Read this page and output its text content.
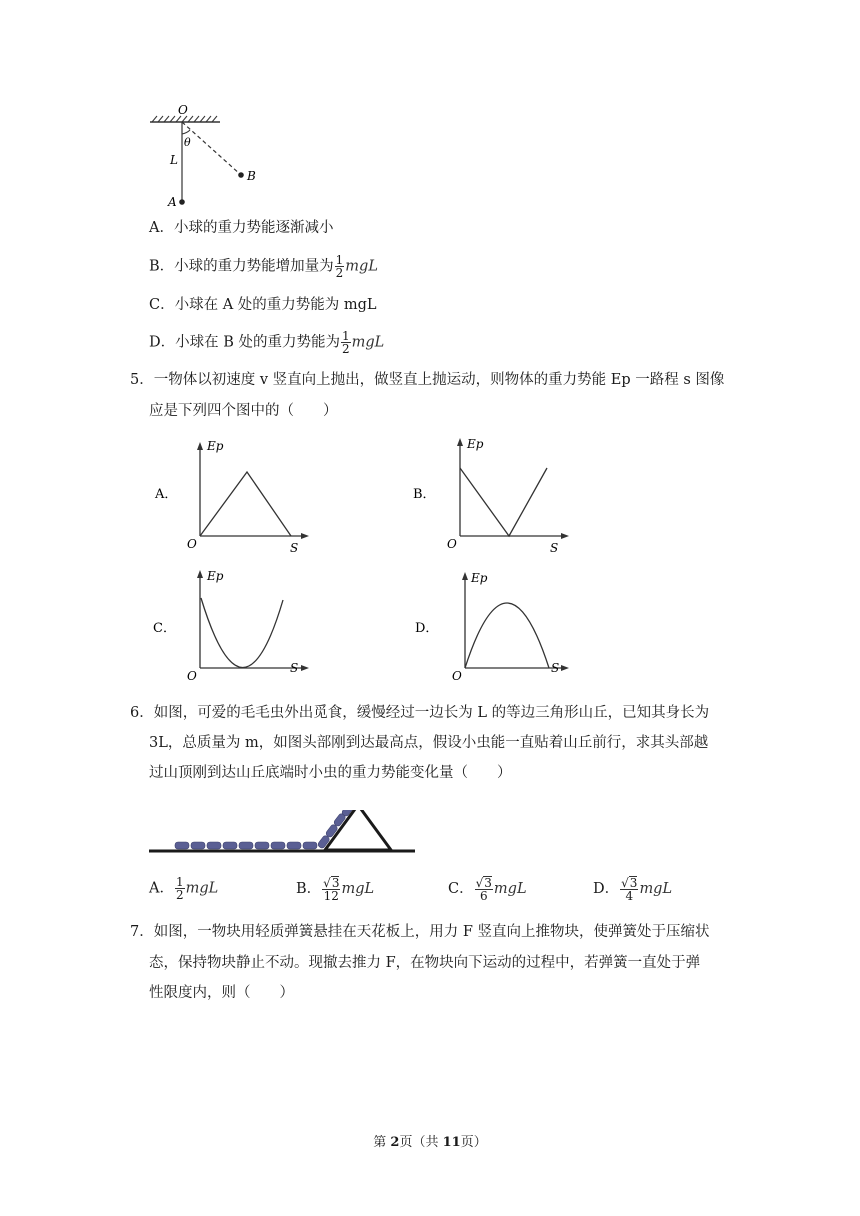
O
θ
L
A
B
A．小球的重力势能逐渐减小
B．小球的重力势能增加量为 $\frac{1}{2}$ mgL
C．小球在 A 处的重力势能为 mgL
D．小球在 B 处的重力势能为 $\frac{1}{2}$ mgL
5．一物体以初速度 v 竖直向上抛出，做竖直上抛运动，则物体的重力势能 Ep 一路程 s 图像
应是下列四个图中的（　　）
Ep
A．
O	S
Ep
B．
O	S
Ep
C．
O
S
Ep
D．
O
S
6．如图，可爱的毛毛虫外出觅食，缓慢经过一边长为 L 的等边三角形山丘，已知其身长为
3L，总质量为 m，如图头部刚到达最高点，假设小虫能一直贴着山丘前行，求其头部越
过山顶刚到达山丘底端时小虫的重力势能变化量（　　）
A． $\frac{1}{2}$ mgL	B． $\frac{√3}{12}$ mgL	C． $\frac{√3}{6}$ mgL	D． $\frac{√3}{4}$ mgL
7．如图，一物块用轻质弹簧悬挂在天花板上，用力 F 竖直向上推物块，使弹簧处于压缩状
态，保持物块静止不动。现撤去推力 F，在物块向下运动的过程中，若弹簧一直处于弹
性限度内，则（　　）
第 2页（共 11页）
